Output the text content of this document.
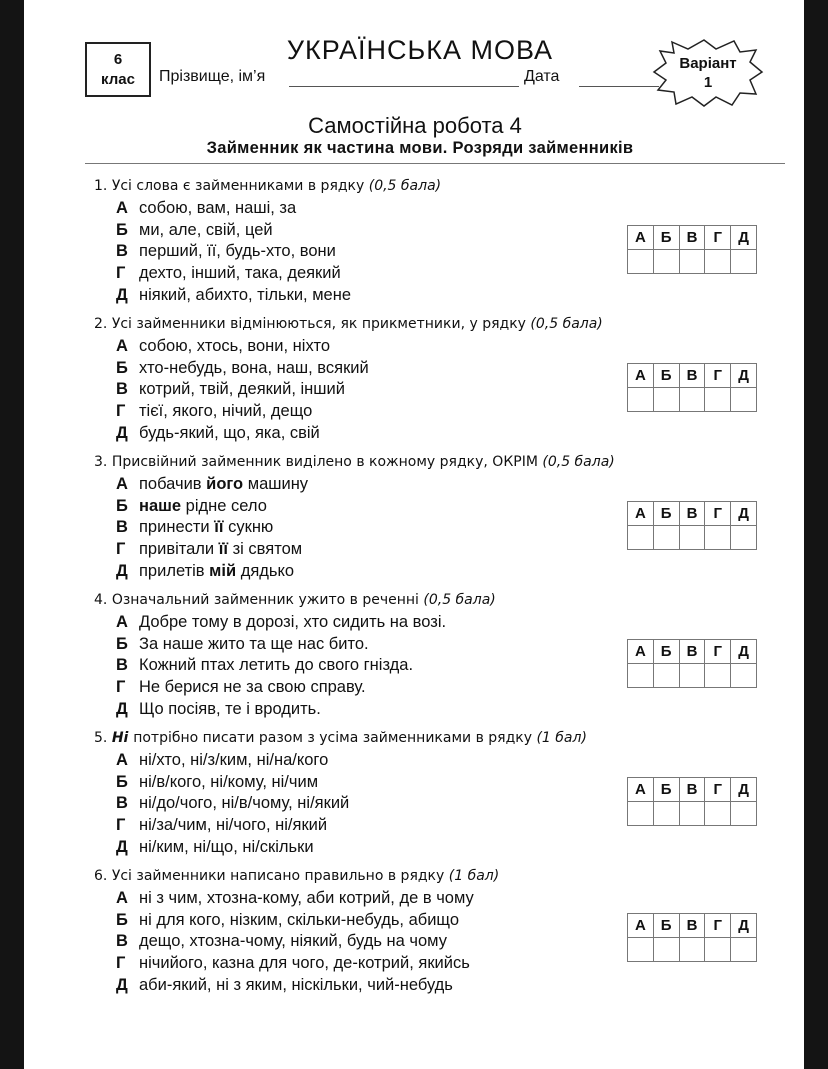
6
клас
УКРАЇНСЬКА МОВА
Прізвище, ім’я	Дата
Варіант
1
Самостійна робота 4
Займенник як частина мови. Розряди займенників
1. Усі слова є займенниками в рядку (0,5 бала)
А собою, вам, наші, за
Б ми, але, свій, цей
В перший, її, будь-хто, вони
Г дехто, інший, така, деякий
Д ніякий, абихто, тільки, мене
А	Б	В	Г	Д

2. Усі займенники відмінюються, як прикметники, у рядку (0,5 бала)
А собою, хтось, вони, ніхто
Б хто-небудь, вона, наш, всякий
В котрий, твій, деякий, інший
Г тієї, якого, нічий, дещо
Д будь-який, що, яка, свій
А	Б	В	Г	Д

3. Присвійний займенник виділено в кожному рядку, ОКРІМ (0,5 бала)
А побачив його машину
Б наше рідне село
В принести її сукню
Г привітали її зі святом
Д прилетів мій дядько
А	Б	В	Г	Д

4. Означальний займенник ужито в реченні (0,5 бала)
А Добре тому в дорозі, хто сидить на возі.
Б За наше жито та ще нас бито.
В Кожний птах летить до свого гнізда.
Г Не берися не за свою справу.
Д Що посіяв, те і вродить.
А	Б	В	Г	Д

5. Ні потрібно писати разом з усіма займенниками в рядку (1 бал)
А ні/хто, ні/з/ким, ні/на/кого
Б ні/в/кого, ні/кому, ні/чим
В ні/до/чого, ні/в/чому, ні/який
Г ні/за/чим, ні/чого, ні/який
Д ні/ким, ні/що, ні/скільки
А	Б	В	Г	Д

6. Усі займенники написано правильно в рядку (1 бал)
А ні з чим, хтозна-кому, аби котрий, де в чому
Б ні для кого, нізким, скільки-небудь, абищо
В дещо, хтозна-чому, ніякий, будь на чому
Г нічийого, казна для чого, де-котрий, якийсь
Д аби-який, ні з яким, ніскільки, чий-небудь
А	Б	В	Г	Д
